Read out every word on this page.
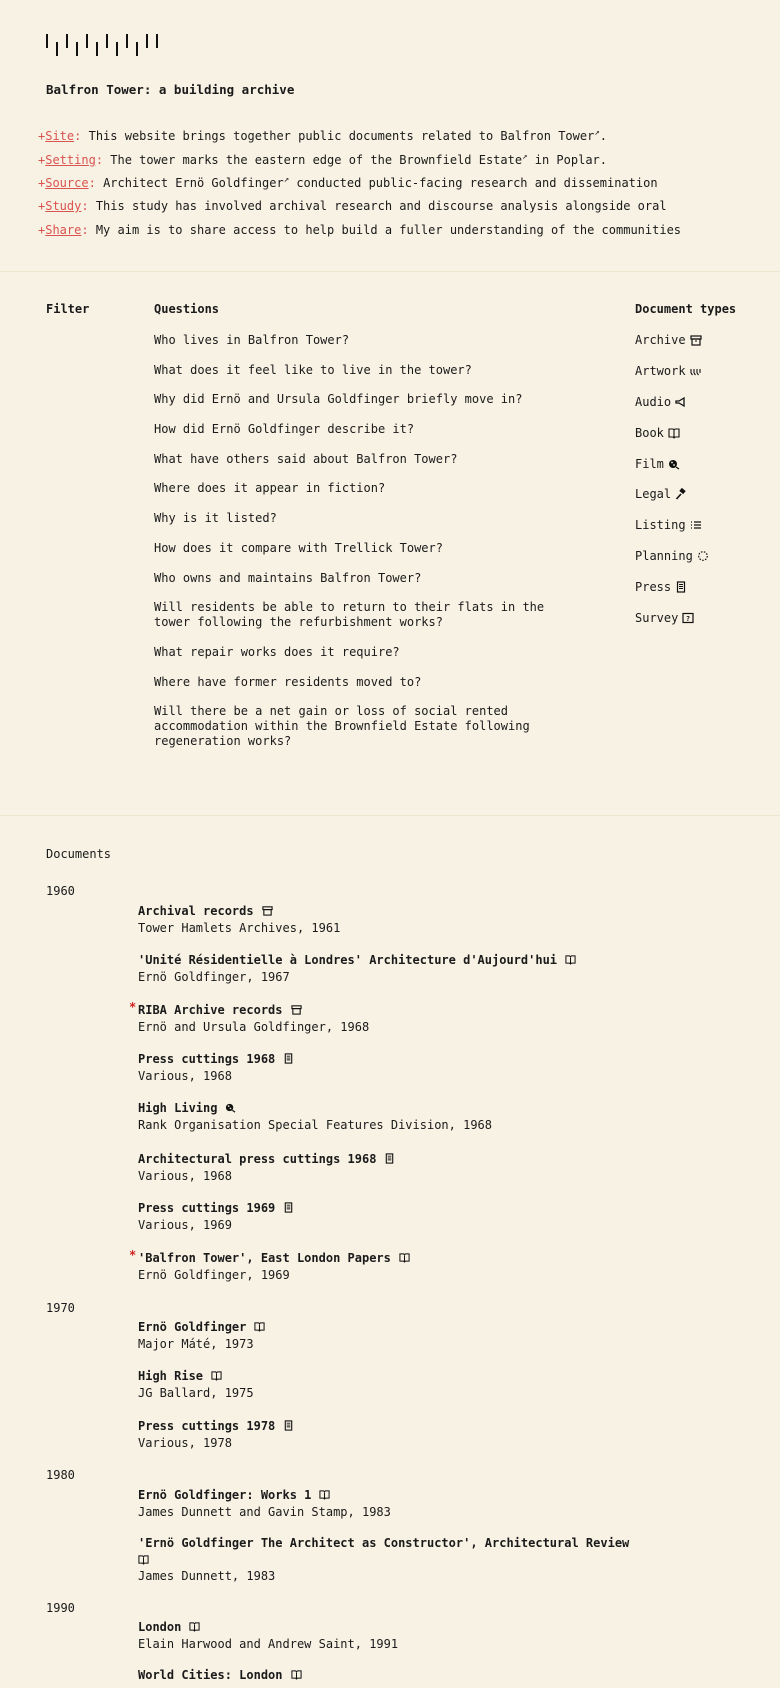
Balfron Tower: a building archive
+Site: This website brings together public documents related to Balfron Tower↗.
+Setting: The tower marks the eastern edge of the Brownfield Estate↗ in Poplar.
+Source: Architect Ernö Goldfinger↗ conducted public-facing research and dissemination
+Study: This study has involved archival research and discourse analysis alongside oral
+Share: My aim is to share access to help build a fuller understanding of the communities
Filter	Questions	Document types
Who lives in Balfron Tower?
What does it feel like to live in the tower?
Why did Ernö and Ursula Goldfinger briefly move in?
How did Ernö Goldfinger describe it?
What have others said about Balfron Tower?
Where does it appear in fiction?
Why is it listed?
How does it compare with Trellick Tower?
Who owns and maintains Balfron Tower?
Will residents be able to return to their flats in the tower following the refurbishment works?
What repair works does it require?
Where have former residents moved to?
Will there be a net gain or loss of social rented accommodation within the Brownfield Estate following regeneration works?
Archive
Artwork
Audio
Book
Film
Legal
Listing
Planning
Press
Survey ?
Documents
1960
1970
1980
1990
Archival records
Tower Hamlets Archives, 1961
'Unité Résidentielle à Londres' Architecture d'Aujourd'hui
Ernö Goldfinger, 1967
* RIBA Archive records
Ernö and Ursula Goldfinger, 1968
Press cuttings 1968
Various, 1968
High Living
Rank Organisation Special Features Division, 1968
Architectural press cuttings 1968
Various, 1968
Press cuttings 1969
Various, 1969
* 'Balfron Tower', East London Papers
Ernö Goldfinger, 1969
Ernö Goldfinger
Major Máté, 1973
High Rise
JG Ballard, 1975
Press cuttings 1978
Various, 1978
Ernö Goldfinger: Works 1
James Dunnett and Gavin Stamp, 1983
'Ernö Goldfinger The Architect as Constructor', Architectural Review

James Dunnett, 1983
London
Elain Harwood and Andrew Saint, 1991
World Cities: London
